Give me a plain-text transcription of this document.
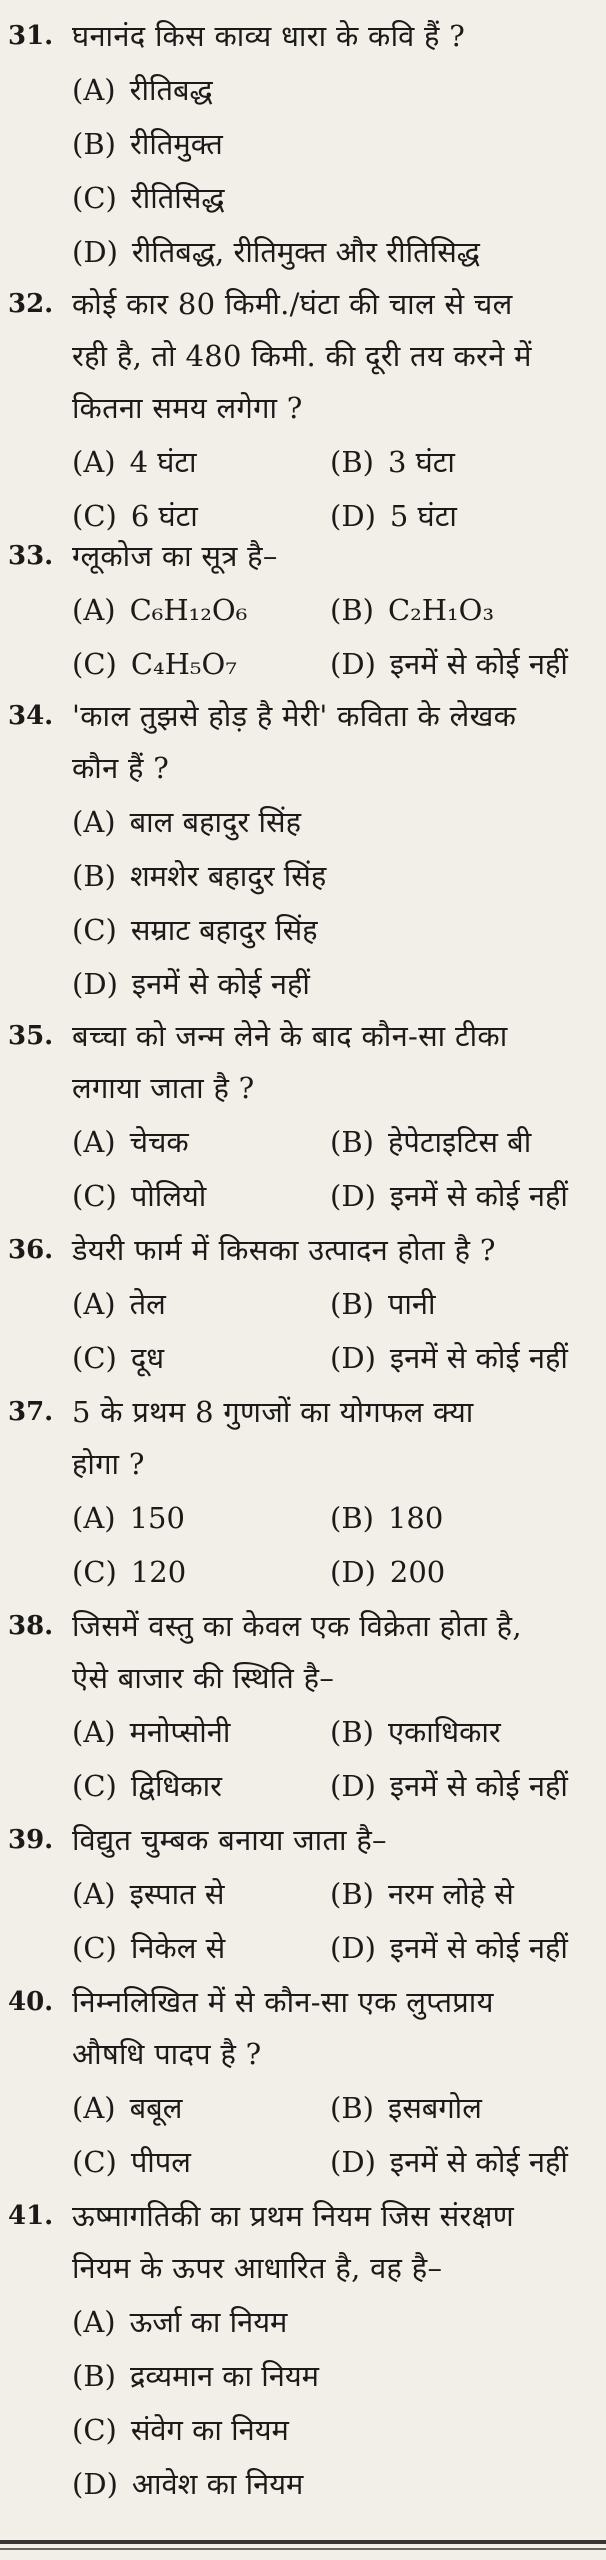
31. घनानंद किस काव्य धारा के कवि हैं ?
(A) रीतिबद्ध
(B) रीतिमुक्त
(C) रीतिसिद्ध
(D) रीतिबद्ध, रीतिमुक्त और रीतिसिद्ध
32. कोई कार 80 किमी./घंटा की चाल से चल
रही है, तो 480 किमी. की दूरी तय करने में
कितना समय लगेगा ?
(A) 4 घंटा	(B) 3 घंटा
(C) 6 घंटा	(D) 5 घंटा
33. ग्लूकोज का सूत्र है–
(A) C₆H₁₂O₆	(B) C₂H₁O₃
(C) C₄H₅O₇	(D) इनमें से कोई नहीं
34. 'काल तुझसे होड़ है मेरी' कविता के लेखक
कौन हैं ?
(A) बाल बहादुर सिंह
(B) शमशेर बहादुर सिंह
(C) सम्राट बहादुर सिंह
(D) इनमें से कोई नहीं
35. बच्चा को जन्म लेने के बाद कौन-सा टीका
लगाया जाता है ?
(A) चेचक	(B) हेपेटाइटिस बी
(C) पोलियो	(D) इनमें से कोई नहीं
36. डेयरी फार्म में किसका उत्पादन होता है ?
(A) तेल	(B) पानी
(C) दूध	(D) इनमें से कोई नहीं
37. 5 के प्रथम 8 गुणजों का योगफल क्या
होगा ?
(A) 150	(B) 180
(C) 120	(D) 200
38. जिसमें वस्तु का केवल एक विक्रेता होता है,
ऐसे बाजार की स्थिति है–
(A) मनोप्सोनी	(B) एकाधिकार
(C) द्विधिकार	(D) इनमें से कोई नहीं
39. विद्युत चुम्बक बनाया जाता है–
(A) इस्पात से	(B) नरम लोहे से
(C) निकेल से	(D) इनमें से कोई नहीं
40. निम्नलिखित में से कौन-सा एक लुप्तप्राय
औषधि पादप है ?
(A) बबूल	(B) इसबगोल
(C) पीपल	(D) इनमें से कोई नहीं
41. ऊष्मागतिकी का प्रथम नियम जिस संरक्षण
नियम के ऊपर आधारित है, वह है–
(A) ऊर्जा का नियम
(B) द्रव्यमान का नियम
(C) संवेग का नियम
(D) आवेश का नियम
